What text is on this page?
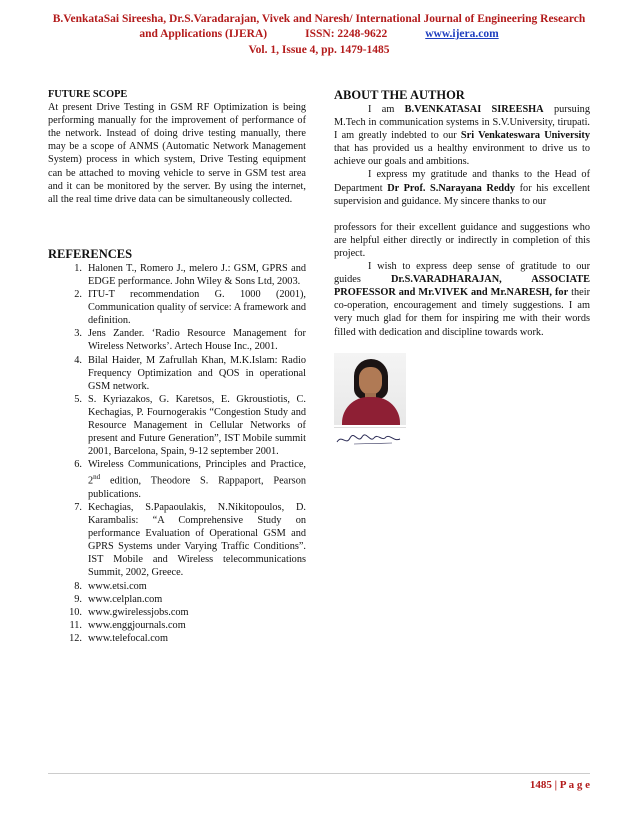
B.VenkataSai Sireesha, Dr.S.Varadarajan, Vivek and Naresh/ International Journal of Engineering Research
and Applications (IJERA)	ISSN: 2248-9622	www.ijera.com
Vol. 1, Issue 4, pp. 1479-1485
FUTURE SCOPE

At present Drive Testing in GSM RF Optimization is being performing manually for the improvement of performance of the network. Instead of doing drive testing manually, there may be a scope of ANMS (Automatic Network Management System) process in which system, Drive Testing equipment can be attached to moving vehicle to serve in GSM test area and it can be monitored by the server. By using the internet, all the real time drive data can be simultaneously collected.

REFERENCES
1. Halonen T., Romero J., melero J.: GSM, GPRS and EDGE performance. John Wiley & Sons Ltd, 2003.
2. ITU-T recommendation G. 1000 (2001), Communication quality of service: A framework and definition.
3. Jens Zander. ‘Radio Resource Management for Wireless Networks’. Artech House Inc., 2001.
4. Bilal Haider, M Zafrullah Khan, M.K.Islam: Radio Frequency Optimization and QOS in operational GSM network.
5. S. Kyriazakos, G. Karetsos, E. Gkroustiotis, C. Kechagias, P. Fournogerakis “Congestion Study and Resource Management in Cellular Networks of present and Future Generation”, IST Mobile summit 2001, Barcelona, Spain, 9-12 september 2001.
6. Wireless Communications, Principles and Practice, 2nd edition, Theodore S. Rappaport, Pearson publications.
7. Kechagias, S.Papaoulakis, N.Nikitopoulos, D. Karambalis: “A Comprehensive Study on performance Evaluation of Operational GSM and GPRS Systems under Varying Traffic Conditions”. IST Mobile and Wireless telecommunications Summit, 2002, Greece.
8. www.etsi.com
9. www.celplan.com
10. www.gwirelessjobs.com
11. www.enggjournals.com
12. www.telefocal.com
ABOUT THE AUTHOR

I am B.VENKATASAI SIREESHA pursuing M.Tech in communication systems in S.V.University, tirupati. I am greatly indebted to our Sri Venkateswara University that has provided us a healthy environment to drive us to achieve our goals and ambitions.

I express my gratitude and thanks to the Head of Department Dr Prof. S.Narayana Reddy for his excellent supervision and guidance. My sincere thanks to our

professors for their excellent guidance and suggestions who are helpful either directly or indirectly in completion of this project.

I wish to express deep sense of gratitude to our guides Dr.S.VARADHARAJAN, ASSOCIATE PROFESSOR and Mr.VIVEK and Mr.NARESH, for their co-operation, encouragement and timely suggestions. I am very much glad for them for inspiring me with their words filled with dedication and discipline towards work.

1485 | P a g e
